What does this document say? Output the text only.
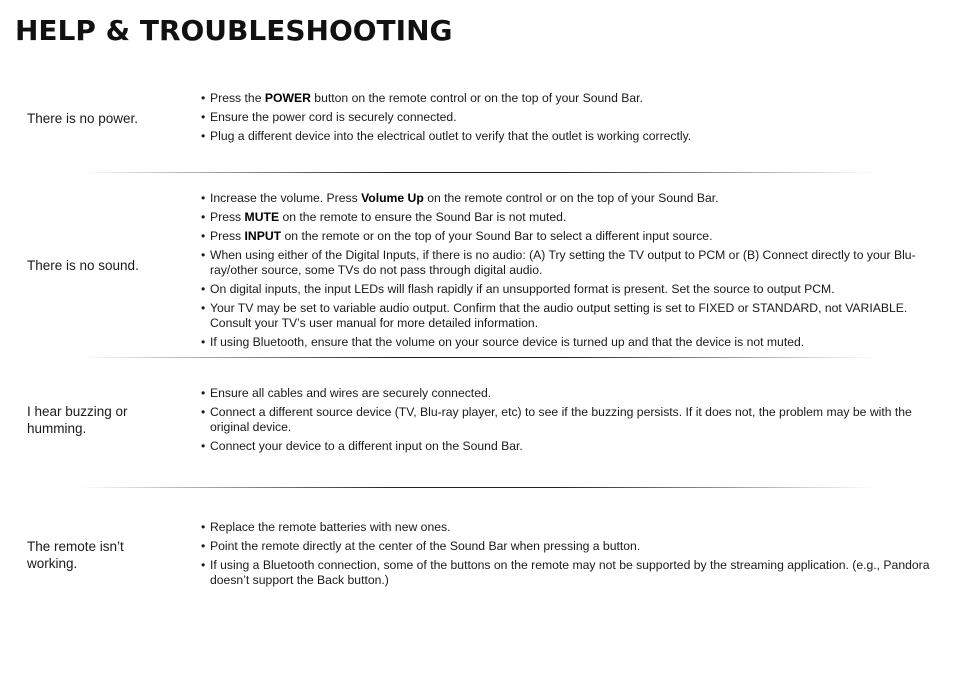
HELP & TROUBLESHOOTING
There is no power.
• Press the POWER button on the remote control or on the top of your Sound Bar.
• Ensure the power cord is securely connected.
• Plug a different device into the electrical outlet to verify that the outlet is working correctly.
There is no sound.
• Increase the volume. Press Volume Up on the remote control or on the top of your Sound Bar.
• Press MUTE on the remote to ensure the Sound Bar is not muted.
• Press INPUT on the remote or on the top of your Sound Bar to select a different input source.
• When using either of the Digital Inputs, if there is no audio: (A) Try setting the TV output to PCM or (B) Connect directly to your Blu-ray/other source, some TVs do not pass through digital audio.
• On digital inputs, the input LEDs will flash rapidly if an unsupported format is present. Set the source to output PCM.
• Your TV may be set to variable audio output. Confirm that the audio output setting is set to FIXED or STANDARD, not VARIABLE. Consult your TV’s user manual for more detailed information.
• If using Bluetooth, ensure that the volume on your source device is turned up and that the device is not muted.
I hear buzzing or humming.
• Ensure all cables and wires are securely connected.
• Connect a different source device (TV, Blu-ray player, etc) to see if the buzzing persists. If it does not, the problem may be with the original device.
• Connect your device to a different input on the Sound Bar.
The remote isn’t working.
• Replace the remote batteries with new ones.
• Point the remote directly at the center of the Sound Bar when pressing a button.
• If using a Bluetooth connection, some of the buttons on the remote may not be supported by the streaming application. (e.g., Pandora doesn’t support the Back button.)
